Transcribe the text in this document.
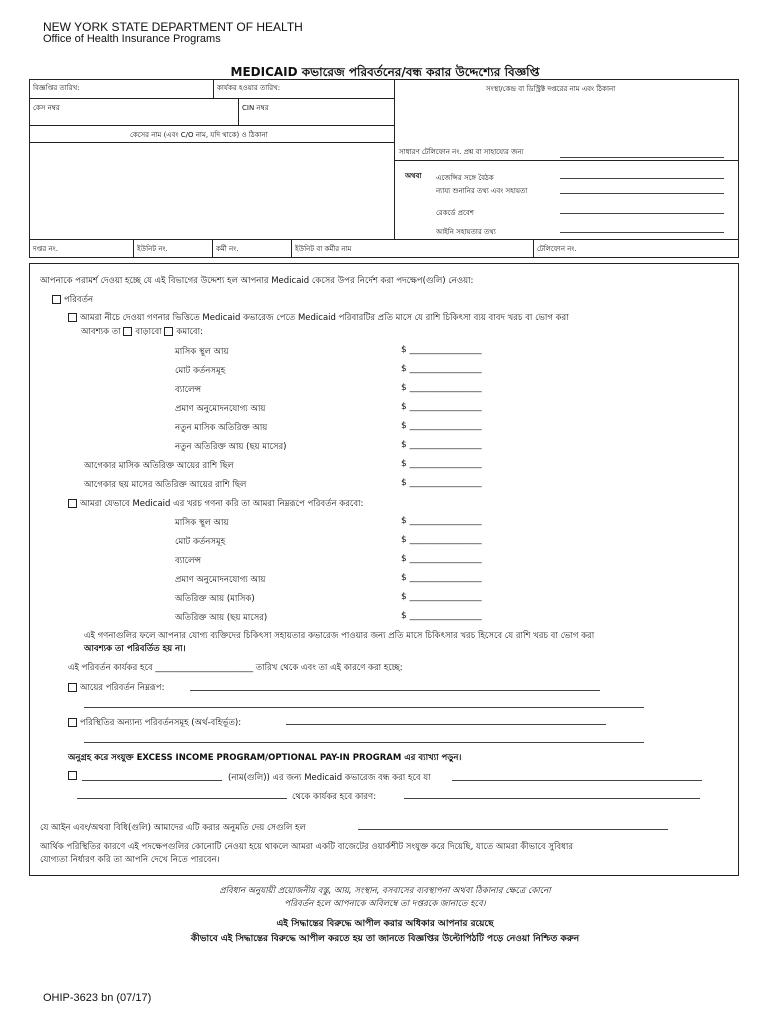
NEW YORK STATE DEPARTMENT OF HEALTH
Office of Health Insurance Programs
MEDICAID কভারেজ পরিবর্তনের/বন্ধ করার উদ্দেশ্যের বিজ্ঞপ্তি
বিজ্ঞপ্তির তারিখ:	কার্যকর হওয়ার তারিখ:	সংস্থা/কেন্দ্র বা ডিস্ট্রিক্ট দপ্তরের নাম এবং ঠিকানা
কেস নম্বর	CIN নম্বর
কেসের নাম (এবং C/O নাম, যদি থাকে) ও ঠিকানা
সাধারণ টেলিফোন নং. প্রশ্ন বা সাহায্যের জন্য
অথবা এজেন্সির সঙ্গে বৈঠক
ন্যায্য শুনানির তথ্য এবং সহায়তা
রেকর্ডে প্রবেশ
আইনি সহায়তার তথ্য
দপ্তর নং.	ইউনিট নং.	কর্মী নং.	ইউনিট বা কর্মীর নাম	টেলিফোন নং.
আপনাকে পরামর্শ দেওয়া হচ্ছে যে এই বিভাগের উদ্দেশ্য হল আপনার Medicaid কেসের উপর নির্দেশ করা পদক্ষেপ(গুলি) নেওয়া:
পরিবর্তন
আমরা নীচে দেওয়া গণনার ভিত্তিতে Medicaid কভারেজ পেতে Medicaid পরিবারটির প্রতি মাসে যে রাশি চিকিৎসা ব্যয় বাবদ খরচ বা ভোগ করা
আবশ্যক তা বাড়াবো কমাবো:
মাসিক স্থূল আয়	$ ________________
মোট কর্তনসমূহ	$ ________________
ব্যালেন্স	$ ________________
প্রমাণ অনুমোদনযোগ্য আয়	$ ________________
নতুন মাসিক অতিরিক্ত আয়	$ ________________
নতুন অতিরিক্ত আয় (ছয় মাসের)	$ ________________
আগেকার মাসিক অতিরিক্ত আয়ের রাশি ছিল	$ ________________
আগেকার ছয় মাসের অতিরিক্ত আয়ের রাশি ছিল	$ ________________
আমরা যেভাবে Medicaid এর খরচ গণনা করি তা আমরা নিম্নরূপে পরিবর্তন করবো:
মাসিক স্থূল আয়	$ ________________
মোট কর্তনসমূহ	$ ________________
ব্যালেন্স	$ ________________
প্রমাণ অনুমোদনযোগ্য আয়	$ ________________
অতিরিক্ত আয় (মাসিক)	$ ________________
অতিরিক্ত আয় (ছয় মাসের)	$ ________________
এই গণনাগুলির ফলে আপনার যোগ্য ব্যক্তিদের চিকিৎসা সহায়তার কভারেজ পাওয়ার জন্য প্রতি মাসে চিকিৎসার খরচ হিসেবে যে রাশি খরচ বা ভোগ করা
আবশ্যক তা পরিবর্তিত হয় না।
এই পরিবর্তন কার্যকর হবে _______________________ তারিখ থেকে এবং তা এই কারণে করা হচ্ছে:
আয়ের পরিবর্তন নিম্নরূপ:
পরিস্থিতির অন্যান্য পরিবর্তনসমূহ (অর্থ-বহির্ভূত):
অনুগ্রহ করে সংযুক্ত EXCESS INCOME PROGRAM/OPTIONAL PAY-IN PROGRAM এর ব্যাখ্যা পড়ুন।
(নাম(গুলি)) এর জন্য Medicaid কভারেজ বন্ধ করা হবে যা
থেকে কার্যকর হবে কারণ:
যে আইন এবং/অথবা বিধি(গুলি) আমাদের এটি করার অনুমতি দেয় সেগুলি হল
আর্থিক পরিস্থিতির কারণে এই পদক্ষেপগুলির কোনোটি নেওয়া হয়ে থাকলে আমরা একটি বাজেটের ওয়ার্কশীট সংযুক্ত করে দিয়েছি, যাতে আমরা কীভাবে সুবিধার
যোগ্যতা নির্ধারণ করি তা আপনি দেখে নিতে পারবেন।
প্রবিধান অনুযায়ী প্রয়োজনীয় বস্তু, আয়, সংস্থান, বসবাসের ব্যবস্থাপনা অথবা ঠিকানার ক্ষেত্রে কোনো
পরিবর্তন হলে আপনাকে অবিলম্বে তা দপ্তরকে জানাতে হবে।
এই সিদ্ধান্তের বিরুদ্ধে আপীল করার অধিকার আপনার রয়েছে
কীভাবে এই সিদ্ধান্তের বিরুদ্ধে আপীল করতে হয় তা জানতে বিজ্ঞপ্তির উল্টোপিঠটি পড়ে নেওয়া নিশ্চিত করুন
OHIP-3623 bn (07/17)
